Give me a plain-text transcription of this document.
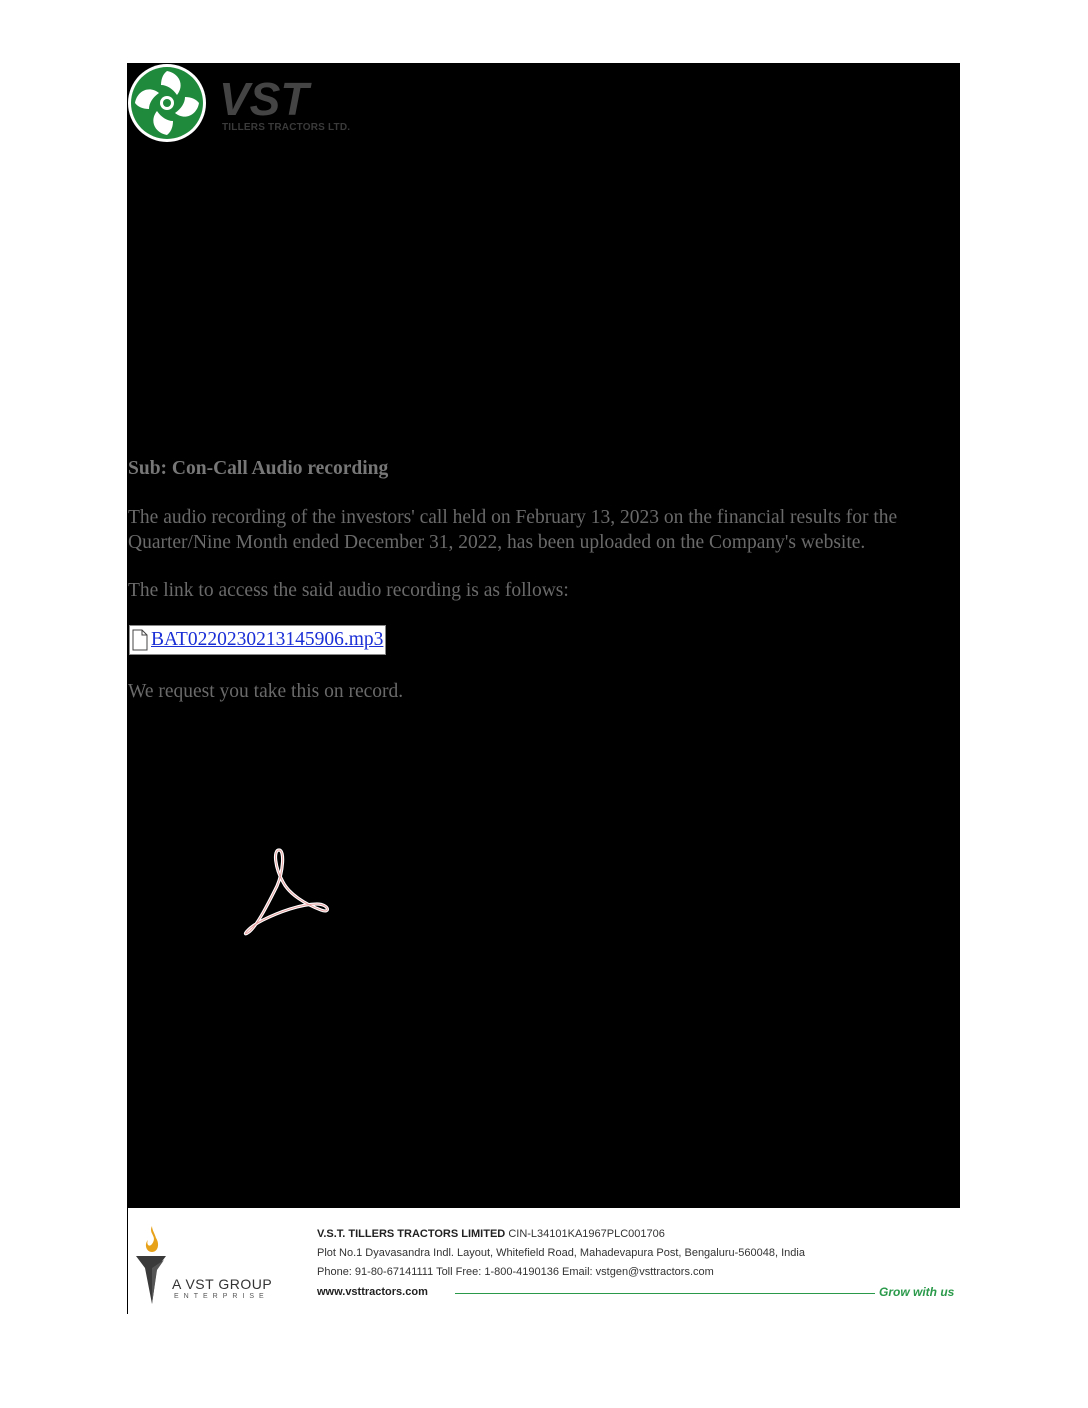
VST
TILLERS TRACTORS LTD.
Sub: Con-Call Audio recording
The audio recording of the investors' call held on February 13, 2023 on the financial results for the
Quarter/Nine Month ended December 31, 2022, has been uploaded on the Company's website.
The link to access the said audio recording is as follows:
BAT0220230213145906.mp3
We request you take this on record.
A VST GROUP
ENTERPRISE
V.S.T. TILLERS TRACTORS LIMITED CIN-L34101KA1967PLC001706
Plot No.1 Dyavasandra Indl. Layout, Whitefield Road, Mahadevapura Post, Bengaluru-560048, India
Phone: 91-80-67141111 Toll Free: 1-800-4190136 Email: vstgen@vsttractors.com
www.vsttractors.com	Grow with us
